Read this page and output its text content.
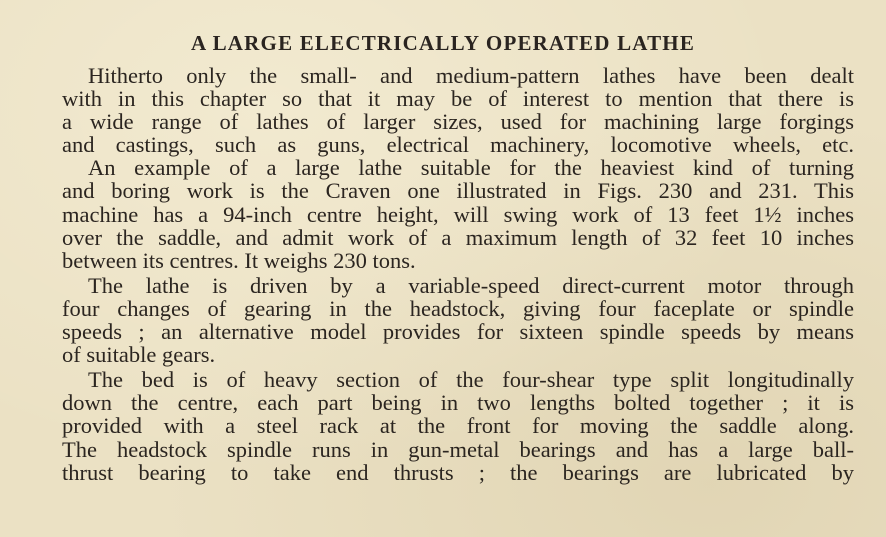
A LARGE ELECTRICALLY OPERATED LATHE
Hitherto only the small- and medium-pattern lathes have been dealt
with in this chapter so that it may be of interest to mention that there is
a wide range of lathes of larger sizes, used for machining large forgings
and castings, such as guns, electrical machinery, locomotive wheels, etc.
An example of a large lathe suitable for the heaviest kind of turning
and boring work is the Craven one illustrated in Figs. 230 and 231. This
machine has a 94-inch centre height, will swing work of 13 feet 1½ inches
over the saddle, and admit work of a maximum length of 32 feet 10 inches
between its centres. It weighs 230 tons.
The lathe is driven by a variable-speed direct-current motor through
four changes of gearing in the headstock, giving four faceplate or spindle
speeds ; an alternative model provides for sixteen spindle speeds by means
of suitable gears.
The bed is of heavy section of the four-shear type split longitudinally
down the centre, each part being in two lengths bolted together ; it is
provided with a steel rack at the front for moving the saddle along.
The headstock spindle runs in gun-metal bearings and has a large ball-
thrust bearing to take end thrusts ; the bearings are lubricated by
